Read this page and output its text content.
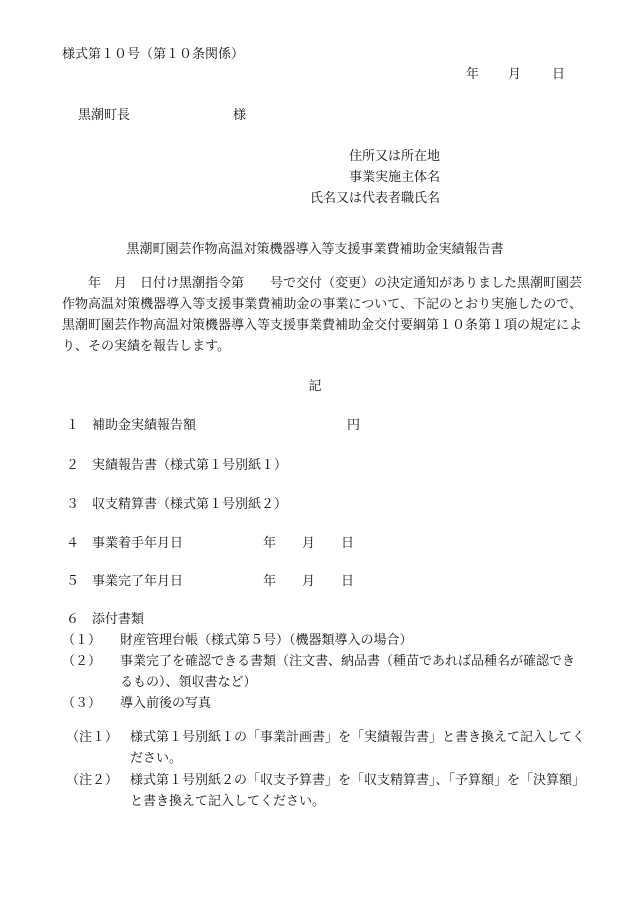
様式第１０号（第１０条関係）
年 月 日
黒潮町長	様
住所又は所在地
事業実施主体名
氏名又は代表者職氏名
黒潮町園芸作物高温対策機器導入等支援事業費補助金実績報告書
年　月　日付け黒潮指令第　　号で交付（変更）の決定通知がありました黒潮町園芸作物高温対策機器導入等支援事業費補助金の事業について、下記のとおり実施したので、黒潮町園芸作物高温対策機器導入等支援事業費補助金交付要綱第１０条第１項の規定により、その実績を報告します。
記
１ 補助金実績報告額	円
２ 実績報告書（様式第１号別紙１）
３ 収支精算書（様式第１号別紙２）
４ 事業着手年月日	年　　月　　日
５ 事業完了年月日	年　　月　　日
６ 添付書類
（１） 財産管理台帳（様式第５号）（機器類導入の場合）
（２） 事業完了を確認できる書類（注文書、納品書（種苗であれば品種名が確認できるもの）、領収書など）
（３） 導入前後の写真
（注１） 様式第１号別紙１の「事業計画書」を「実績報告書」と書き換えて記入してください。
（注２） 様式第１号別紙２の「収支予算書」を「収支精算書」、「予算額」を「決算額」と書き換えて記入してください。
